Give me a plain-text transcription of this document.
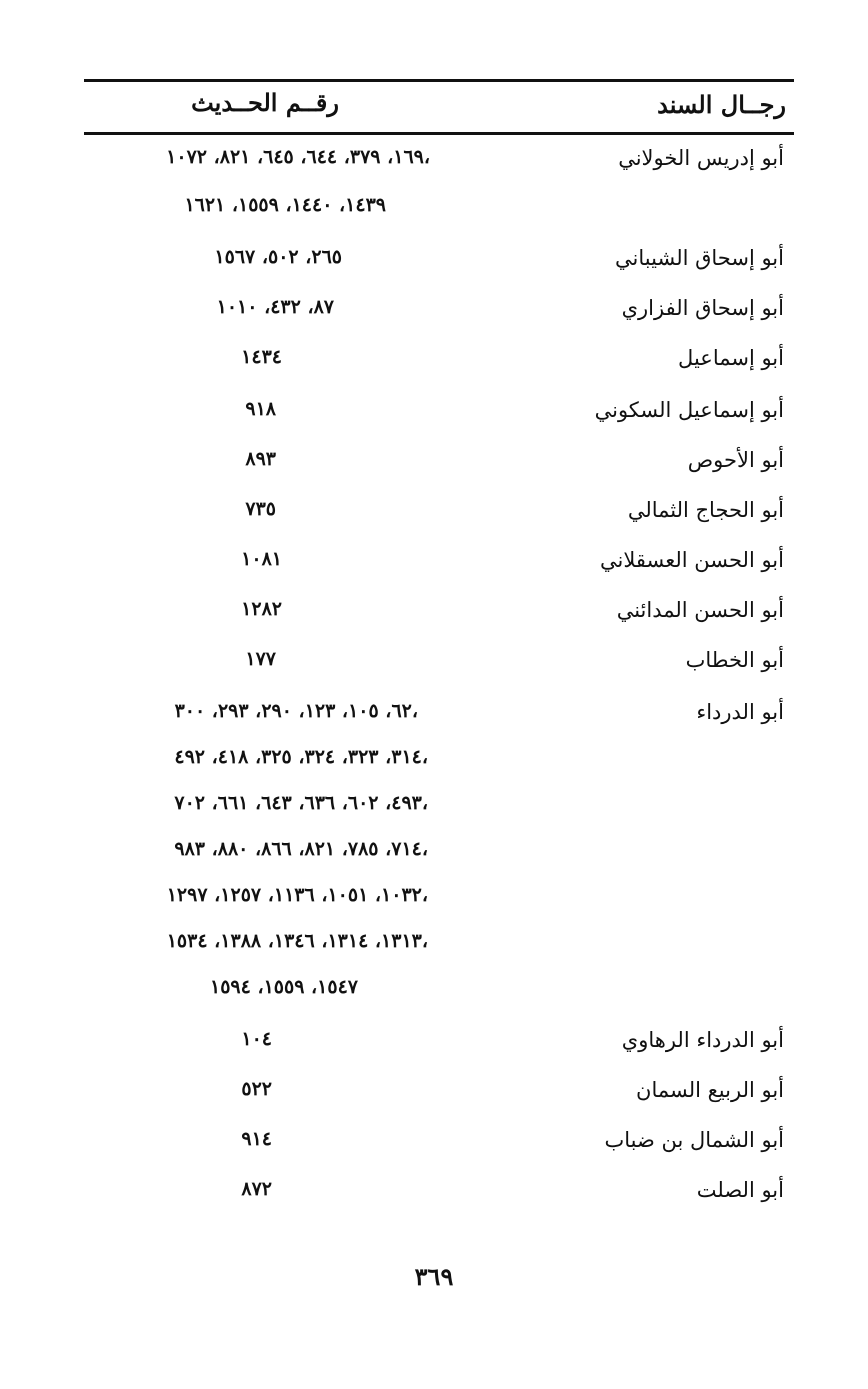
رقــم الحــديث	رجــال السند
أبو إدريس الخولاني
١٦٩، ٣٧٩، ٦٤٤، ٦٤٥، ٨٢١، ١٠٧٢،
١٤٣٩، ١٤٤٠، ١٥٥٩، ١٦٢١
أبو إسحاق الشيباني
٢٦٥، ٥٠٢، ١٥٦٧
أبو إسحاق الفزاري
٨٧، ٤٣٢، ١٠١٠
أبو إسماعيل
١٤٣٤
أبو إسماعيل السكوني
٩١٨
أبو الأحوص
٨٩٣
أبو الحجاج الثمالي
٧٣٥
أبو الحسن العسقلاني
١٠٨١
أبو الحسن المدائني
١٢٨٢
أبو الخطاب
١٧٧
أبو الدرداء
٦٢، ١٠٥، ١٢٣، ٢٩٠، ٢٩٣، ٣٠٠،
٣١٤، ٣٢٣، ٣٢٤، ٣٢٥، ٤١٨، ٤٩٢،
٤٩٣، ٦٠٢، ٦٣٦، ٦٤٣، ٦٦١، ٧٠٢،
٧١٤، ٧٨٥، ٨٢١، ٨٦٦، ٨٨٠، ٩٨٣،
١٠٣٢، ١٠٥١، ١١٣٦، ١٢٥٧، ١٢٩٧،
١٣١٣، ١٣١٤، ١٣٤٦، ١٣٨٨، ١٥٣٤،
١٥٤٧، ١٥٥٩، ١٥٩٤
أبو الدرداء الرهاوي
١٠٤
أبو الربيع السمان
٥٢٢
أبو الشمال بن ضباب
٩١٤
أبو الصلت
٨٧٢
٣٦٩
